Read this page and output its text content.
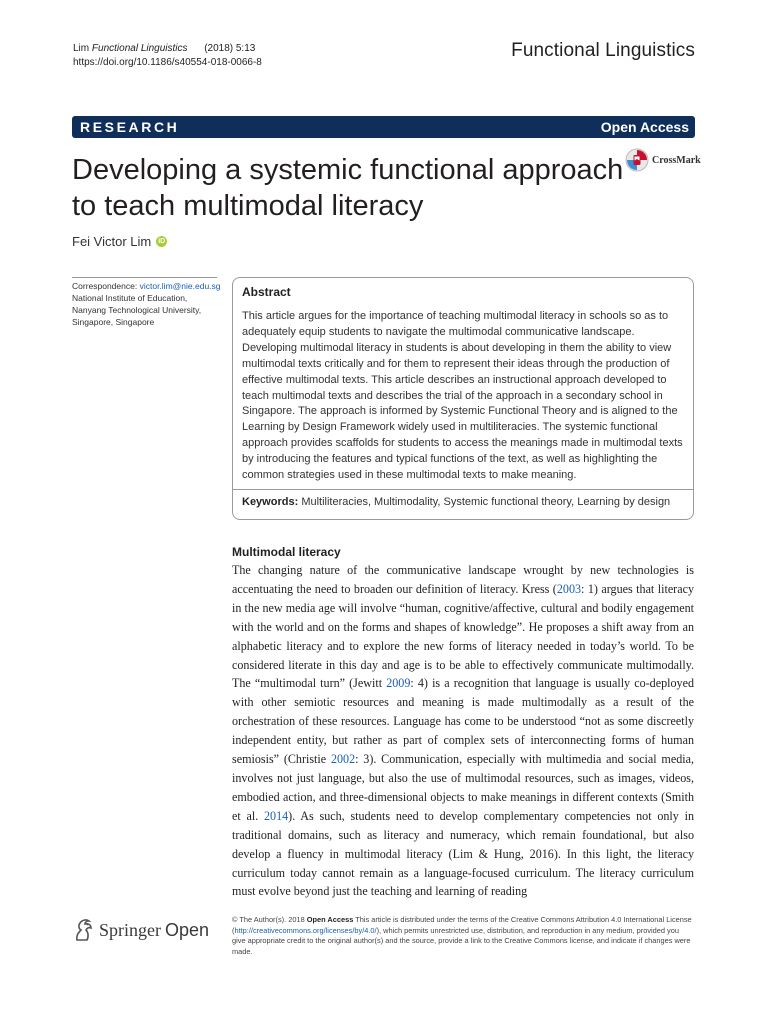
Lim Functional Linguistics (2018) 5:13
https://doi.org/10.1186/s40554-018-0066-8
Functional Linguistics
RESEARCH	Open Access
Developing a systemic functional approach to teach multimodal literacy
CrossMark
Fei Victor Lim iD
Correspondence: victor.lim@nie.edu.sg
National Institute of Education, Nanyang Technological University, Singapore, Singapore
Abstract
This article argues for the importance of teaching multimodal literacy in schools so as to adequately equip students to navigate the multimodal communicative landscape. Developing multimodal literacy in students is about developing in them the ability to view multimodal texts critically and for them to represent their ideas through the production of effective multimodal texts. This article describes an instructional approach developed to teach multimodal texts and describes the trial of the approach in a secondary school in Singapore. The approach is informed by Systemic Functional Theory and is aligned to the Learning by Design Framework widely used in multiliteracies. The systemic functional approach provides scaffolds for students to access the meanings made in multimodal texts by introducing the features and typical functions of the text, as well as highlighting the common strategies used in these multimodal texts to make meaning.
Keywords: Multiliteracies, Multimodality, Systemic functional theory, Learning by design
Multimodal literacy
The changing nature of the communicative landscape wrought by new technologies is accentuating the need to broaden our definition of literacy. Kress (2003: 1) argues that literacy in the new media age will involve “human, cognitive/affective, cultural and bodily engagement with the world and on the forms and shapes of knowledge”. He proposes a shift away from an alphabetic literacy and to explore the new forms of literacy needed in today’s world. To be considered literate in this day and age is to be able to effectively communicate multimodally. The “multimodal turn” (Jewitt 2009: 4) is a recognition that language is usually co-deployed with other semiotic resources and meaning is made multimodally as a result of the orchestration of these resources. Language has come to be understood “not as some discreetly independent entity, but rather as part of complex sets of interconnecting forms of human semiosis” (Christie 2002: 3). Communication, especially with multimedia and social media, involves not just language, but also the use of multimodal resources, such as images, videos, embodied action, and three-dimensional objects to make meanings in different contexts (Smith et al. 2014). As such, students need to develop complementary competencies not only in traditional domains, such as literacy and numeracy, which remain foundational, but also develop a fluency in multimodal literacy (Lim & Hung, 2016). In this light, the literacy curriculum today cannot remain as a language-focused curriculum. The literacy curriculum must evolve beyond just the teaching and learning of reading
Springer Open	© The Author(s). 2018 Open Access This article is distributed under the terms of the Creative Commons Attribution 4.0 International License (http://creativecommons.org/licenses/by/4.0/), which permits unrestricted use, distribution, and reproduction in any medium, provided you give appropriate credit to the original author(s) and the source, provide a link to the Creative Commons license, and indicate if changes were made.
